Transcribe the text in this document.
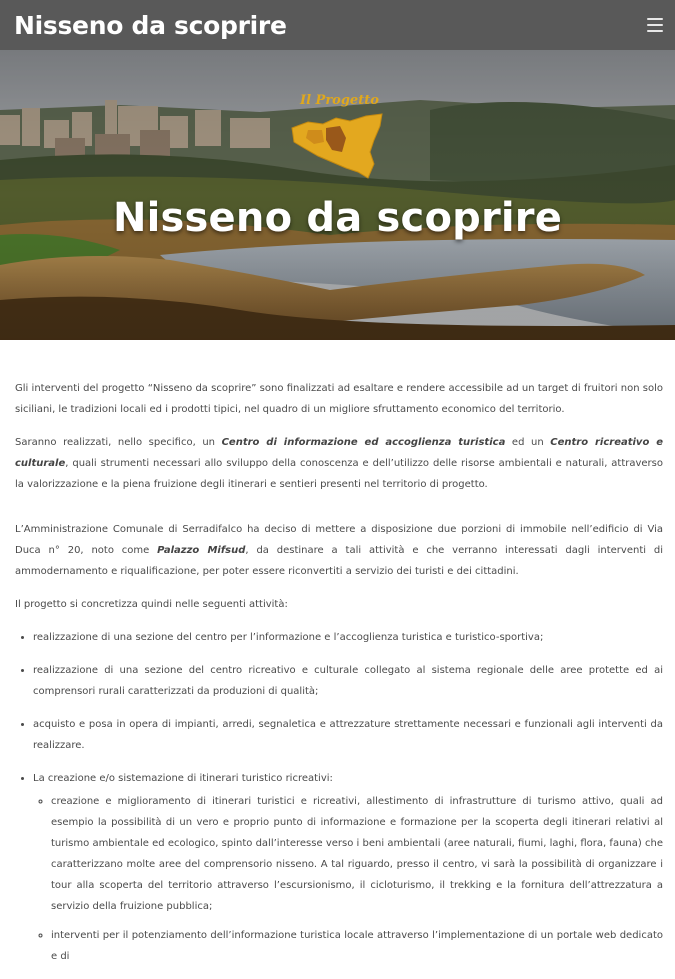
Nisseno da scoprire
Il Progetto
Nisseno da scoprire

Gli interventi del progetto “Nisseno da scoprire” sono finalizzati ad esaltare e rendere accessibile ad un target di fruitori non solo siciliani, le tradizioni locali ed i prodotti tipici, nel quadro di un migliore sfruttamento economico del territorio.

Saranno realizzati, nello specifico, un Centro di informazione ed accoglienza turistica ed un Centro ricreativo e culturale, quali strumenti necessari allo sviluppo della conoscenza e dell’utilizzo delle risorse ambientali e naturali, attraverso la valorizzazione e la piena fruizione degli itinerari e sentieri presenti nel territorio di progetto.

L’Amministrazione Comunale di Serradifalco ha deciso di mettere a disposizione due porzioni di immobile nell’edificio di Via Duca n° 20, noto come Palazzo Mifsud, da destinare a tali attività e che verranno interessati dagli interventi di ammodernamento e riqualificazione, per poter essere riconvertiti a servizio dei turisti e dei cittadini.

Il progetto si concretizza quindi nelle seguenti attività:

• realizzazione di una sezione del centro per l’informazione e l’accoglienza turistica e turistico-sportiva;
• realizzazione di una sezione del centro ricreativo e culturale collegato al sistema regionale delle aree protette ed ai comprensori rurali caratterizzati da produzioni di qualità;
• acquisto e posa in opera di impianti, arredi, segnaletica e attrezzature strettamente necessari e funzionali agli interventi da realizzare.
• La creazione e/o sistemazione di itinerari turistico ricreativi:
◦ creazione e miglioramento di itinerari turistici e ricreativi, allestimento di infrastrutture di turismo attivo, quali ad esempio la possibilità di un vero e proprio punto di informazione e formazione per la scoperta degli itinerari relativi al turismo ambientale ed ecologico, spinto dall’interesse verso i beni ambientali (aree naturali, fiumi, laghi, flora, fauna) che caratterizzano molte aree del comprensorio nisseno. A tal riguardo, presso il centro, vi sarà la possibilità di organizzare i tour alla scoperta del territorio attraverso l’escursionismo, il cicloturismo, il trekking e la fornitura dell’attrezzatura a servizio della fruizione pubblica;
◦ interventi per il potenziamento dell’informazione turistica locale attraverso l’implementazione di un portale web dedicato e di
